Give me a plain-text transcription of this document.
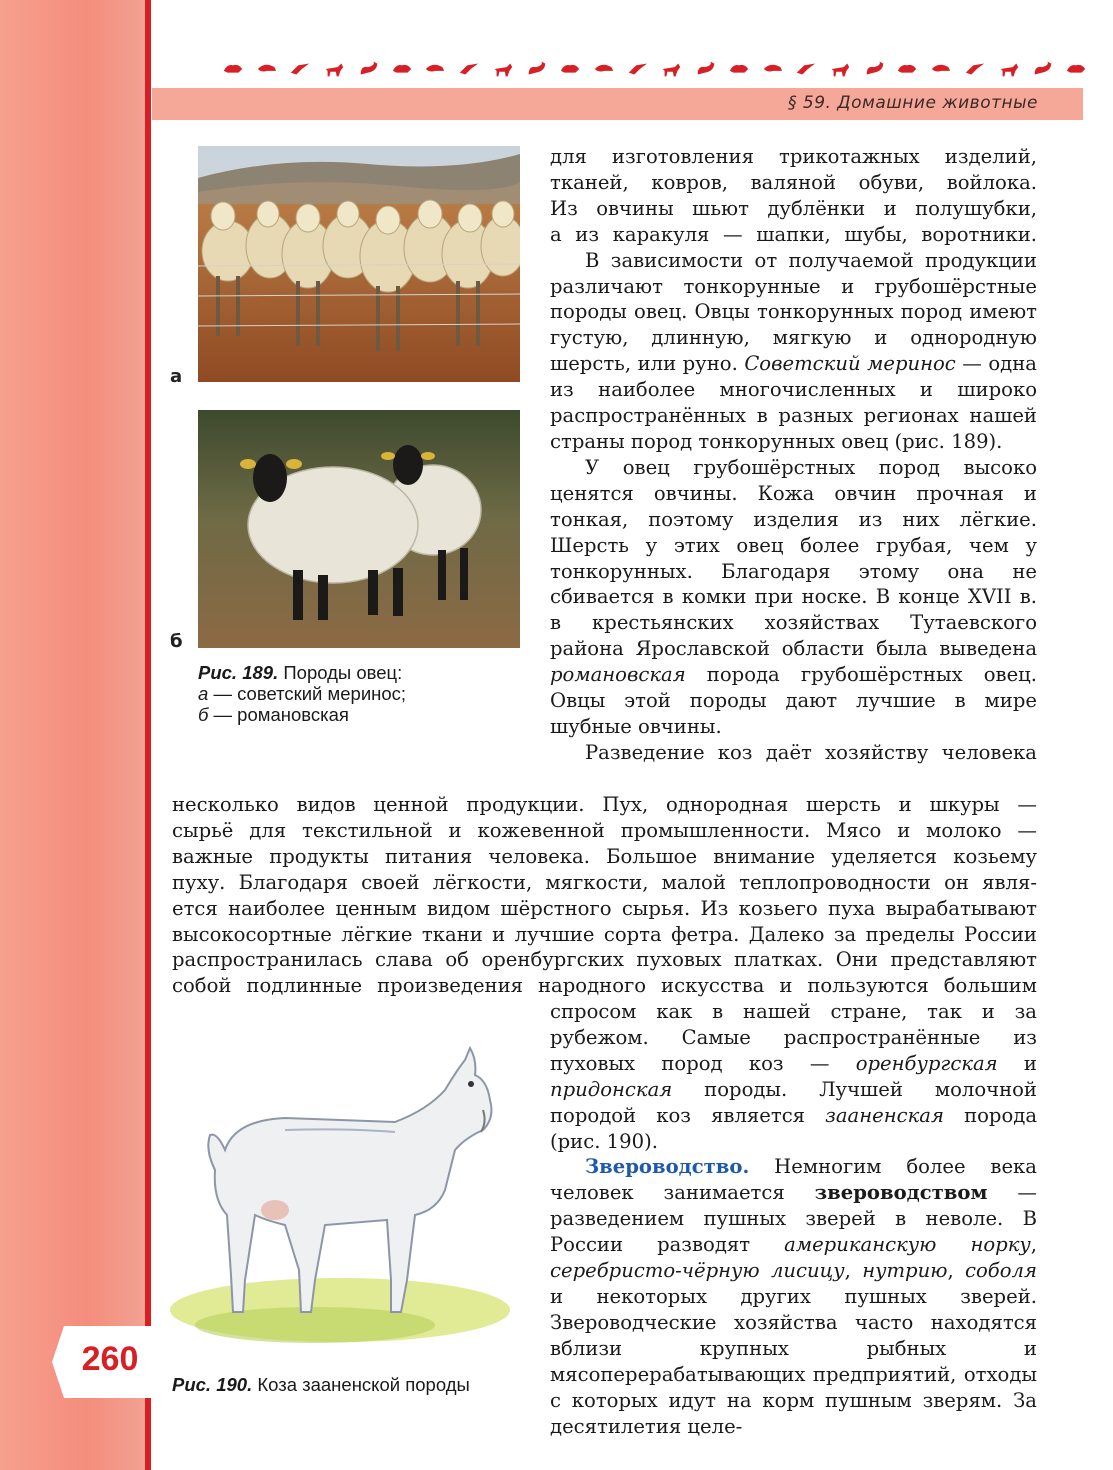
§ 59. Домашние животные
а
б
Рис. 189. Породы овец:
а — советский меринос;
б — романовская

для изготовления трикотажных изделий,
тканей, ковров, валяной обуви, войлока.
Из овчины шьют дублёнки и полушубки,
а из каракуля — шапки, шубы, воротники.

В зависимости от получаемой продукции различают тонкорунные и грубошёрстные породы овец. Овцы тонкорунных пород имеют густую, длинную, мягкую и однородную шерсть, или руно. Советский меринос — одна из наиболее многочисленных и широко распространённых в разных регионах нашей страны пород тонкорунных овец (рис. 189).

У овец грубошёрстных пород высоко ценятся овчины. Кожа овчин прочная и тонкая, поэтому изделия из них лёгкие. Шерсть у этих овец более грубая, чем у тонкорунных. Благодаря этому она не сбивается в комки при носке. В конце XVII в. в крестьянских хозяйствах Тутаевского района Ярославской области была выведена романовская порода грубошёрстных овец. Овцы этой породы дают лучшие в мире шубные овчины.

Разведение коз даёт хозяйству человека

несколько видов ценной продукции. Пух, однородная шерсть и шкуры —
сырьё для текстильной и кожевенной промышленности. Мясо и молоко —
важные продукты питания человека. Большое внимание уделяется козьему
пуху. Благодаря своей лёгкости, мягкости, малой теплопроводности он явля-
ется наиболее ценным видом шёрстного сырья. Из козьего пуха вырабатывают
высокосортные лёгкие ткани и лучшие сорта фетра. Далеко за пределы России
распространилась слава об оренбургских пуховых платках. Они представляют
собой подлинные произведения народного искусства и пользуются большим

спросом как в нашей стране, так и за рубежом. Самые распространённые из пуховых пород коз — оренбургская и придонская породы. Лучшей молочной породой коз является зааненская порода (рис. 190).

Звероводство. Немногим более века человек занимается звероводством — разведением пушных зверей в неволе. В России разводят американскую норку, серебристо-чёрную лисицу, нутрию, соболя и некоторых других пушных зверей. Звероводческие хозяйства часто находятся вблизи крупных рыбных и мясоперерабатывающих предприятий, отходы с которых идут на корм пушным зверям. За десятилетия целе-

Рис. 190. Коза зааненской породы
260
